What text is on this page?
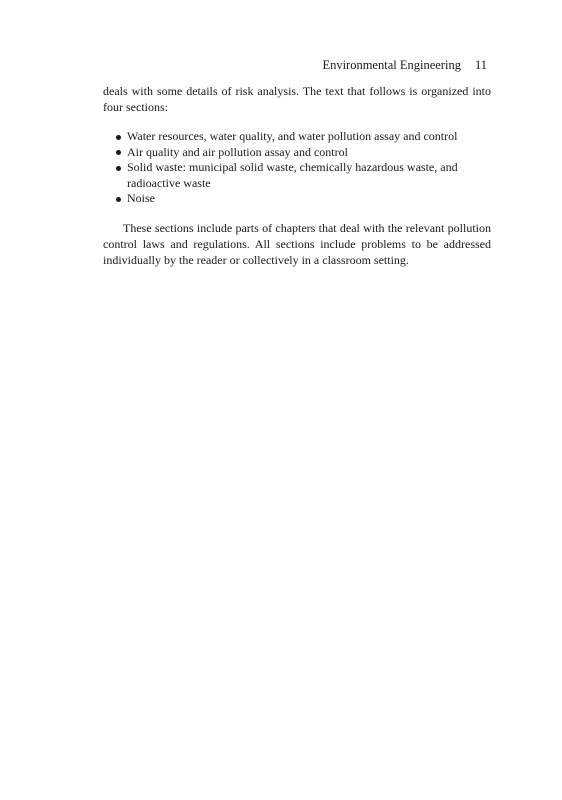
Environmental Engineering 11

deals with some details of risk analysis. The text that follows is organized into four sections:

Water resources, water quality, and water pollution assay and control
Air quality and air pollution assay and control
Solid waste: municipal solid waste, chemically hazardous waste, and radioactive waste
Noise

These sections include parts of chapters that deal with the relevant pollution control laws and regulations. All sections include problems to be addressed individually by the reader or collectively in a classroom setting.
